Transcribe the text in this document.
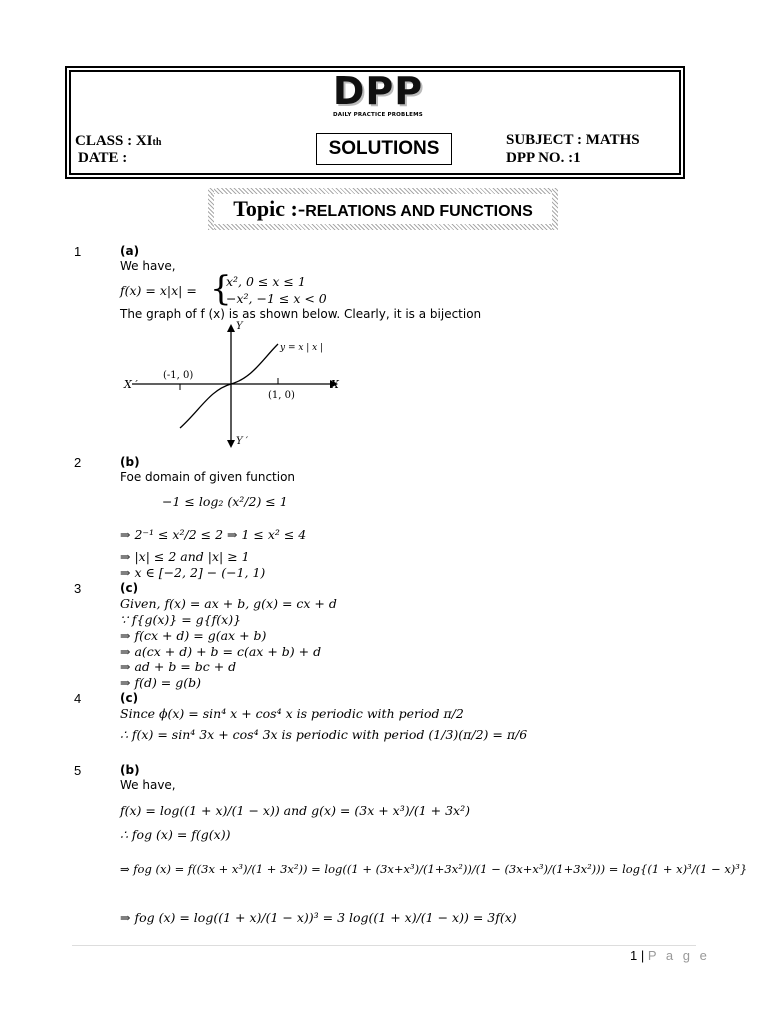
DPP
DAILY PRACTICE PROBLEMS
CLASS : XIth
DATE :	SOLUTIONS	SUBJECT : MATHS
DPP NO. :1
Topic :-RELATIONS AND FUNCTIONS
1	(a)
We have,
f(x) = x|x| = {
x², 0 ≤ x ≤ 1
−x², −1 ≤ x < 0
The graph of f (x) is as shown below. Clearly, it is a bijection
Y
Y ′
X
X ′
(-1, 0)
(1, 0)
y = x | x |
2	(b)
Foe domain of given function
−1 ≤ log₂ (x²/2) ≤ 1
⇒ 2⁻¹ ≤ x²/2 ≤ 2 ⇒ 1 ≤ x² ≤ 4
⇒ |x| ≤ 2 and |x| ≥ 1
⇒ x ∈ [−2, 2] − (−1, 1)
3	(c)
Given, f(x) = ax + b, g(x) = cx + d
∵ f{g(x)} = g{f(x)}
⇒ f(cx + d) = g(ax + b)
⇒ a(cx + d) + b = c(ax + b) + d
⇒ ad + b = bc + d
⇒ f(d) = g(b)
4	(c)
Since ϕ(x) = sin⁴ x + cos⁴ x is periodic with period π/2
∴ f(x) = sin⁴ 3x + cos⁴ 3x is periodic with period (1/3)(π/2) = π/6
5	(b)
We have,
f(x) = log((1 + x)/(1 − x)) and g(x) = (3x + x³)/(1 + 3x²)
∴ fog (x) = f(g(x))
⇒ fog (x) = f((3x + x³)/(1 + 3x²)) = log((1 + (3x+x³)/(1+3x²))/(1 − (3x+x³)/(1+3x²))) = log{(1 + x)³/(1 − x)³}
⇒ fog (x) = log((1 + x)/(1 − x))³ = 3 log((1 + x)/(1 − x)) = 3f(x)
1 | P a g e
